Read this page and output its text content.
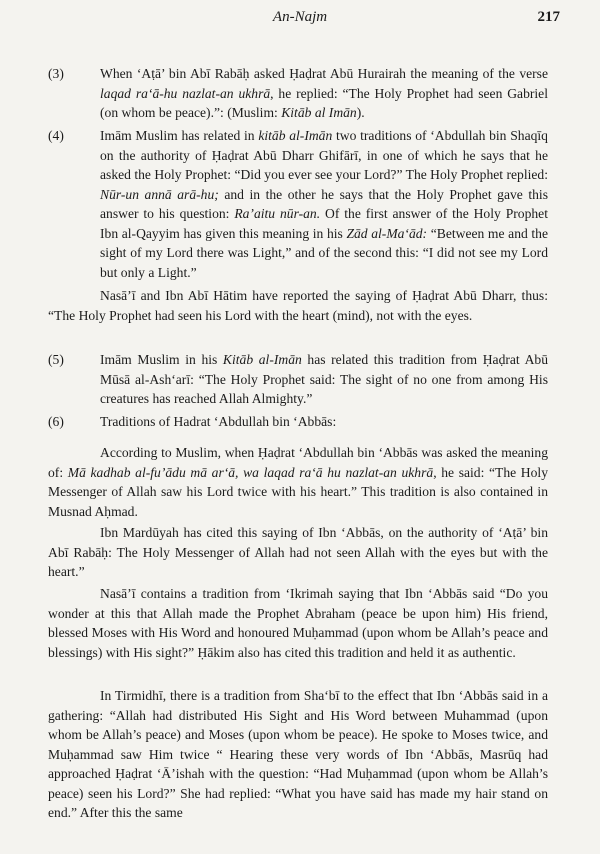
An-Najm	217
(3)	When ‘Aṭā’ bin Abī Rabāḥ asked Ḥaḍrat Abū Hurairah the meaning of the verse laqad ra‘ā-hu nazlat-an ukhrā, he replied: “The Holy Prophet had seen Gabriel (on whom be peace).”: (Muslim: Kitāb al Imān).
(4)	Imām Muslim has related in kitāb al-Imān two traditions of ‘Abdullah bin Shaqīq on the authority of Ḥaḍrat Abū Dharr Ghifārī, in one of which he says that he asked the Holy Prophet: “Did you ever see your Lord?” The Holy Prophet replied: Nūr-un annā arā-hu; and in the other he says that the Holy Prophet gave this answer to his question: Ra’aitu nūr-an. Of the first answer of the Holy Prophet Ibn al-Qayyim has given this meaning in his Zād al-Ma‘ād: “Between me and the sight of my Lord there was Light,” and of the second this: “I did not see my Lord but only a Light.”
Nasā’ī and Ibn Abī Hātim have reported the saying of Ḥaḍrat Abū Dharr, thus: “The Holy Prophet had seen his Lord with the heart (mind), not with the eyes.
(5)	Imām Muslim in his Kitāb al-Imān has related this tradition from Ḥaḍrat Abū Mūsā al-Ash‘arī: “The Holy Prophet said: The sight of no one from among His creatures has reached Allah Almighty.”
(6)	Traditions of Hadrat ‘Abdullah bin ‘Abbās:
According to Muslim, when Ḥaḍrat ‘Abdullah bin ‘Abbās was asked the meaning of: Mā kadhab al-fu’ādu mā ar‘ā, wa laqad ra‘ā hu nazlat-an ukhrā, he said: “The Holy Messenger of Allah saw his Lord twice with his heart.” This tradition is also contained in Musnad Aḥmad.
Ibn Mardūyah has cited this saying of Ibn ‘Abbās, on the authority of ‘Aṭā’ bin Abī Rabāḥ: The Holy Messenger of Allah had not seen Allah with the eyes but with the heart.”
Nasā’ī contains a tradition from ‘Ikrimah saying that Ibn ‘Abbās said “Do you wonder at this that Allah made the Prophet Abraham (peace be upon him) His friend, blessed Moses with His Word and honoured Muḥammad (upon whom be Allah’s peace and blessings) with His sight?” Ḥākim also has cited this tradition and held it as authentic.
In Tirmidhī, there is a tradition from Sha‘bī to the effect that Ibn ‘Abbās said in a gathering: “Allah had distributed His Sight and His Word between Muhammad (upon whom be Allah’s peace) and Moses (upon whom be peace). He spoke to Moses twice, and Muḥammad saw Him twice “ Hearing these very words of Ibn ‘Abbās, Masrūq had approached Ḥaḍrat ‘Ā’ishah with the question: “Had Muḥammad (upon whom be Allah’s peace) seen his Lord?” She had replied: “What you have said has made my hair stand on end.” After this the same
